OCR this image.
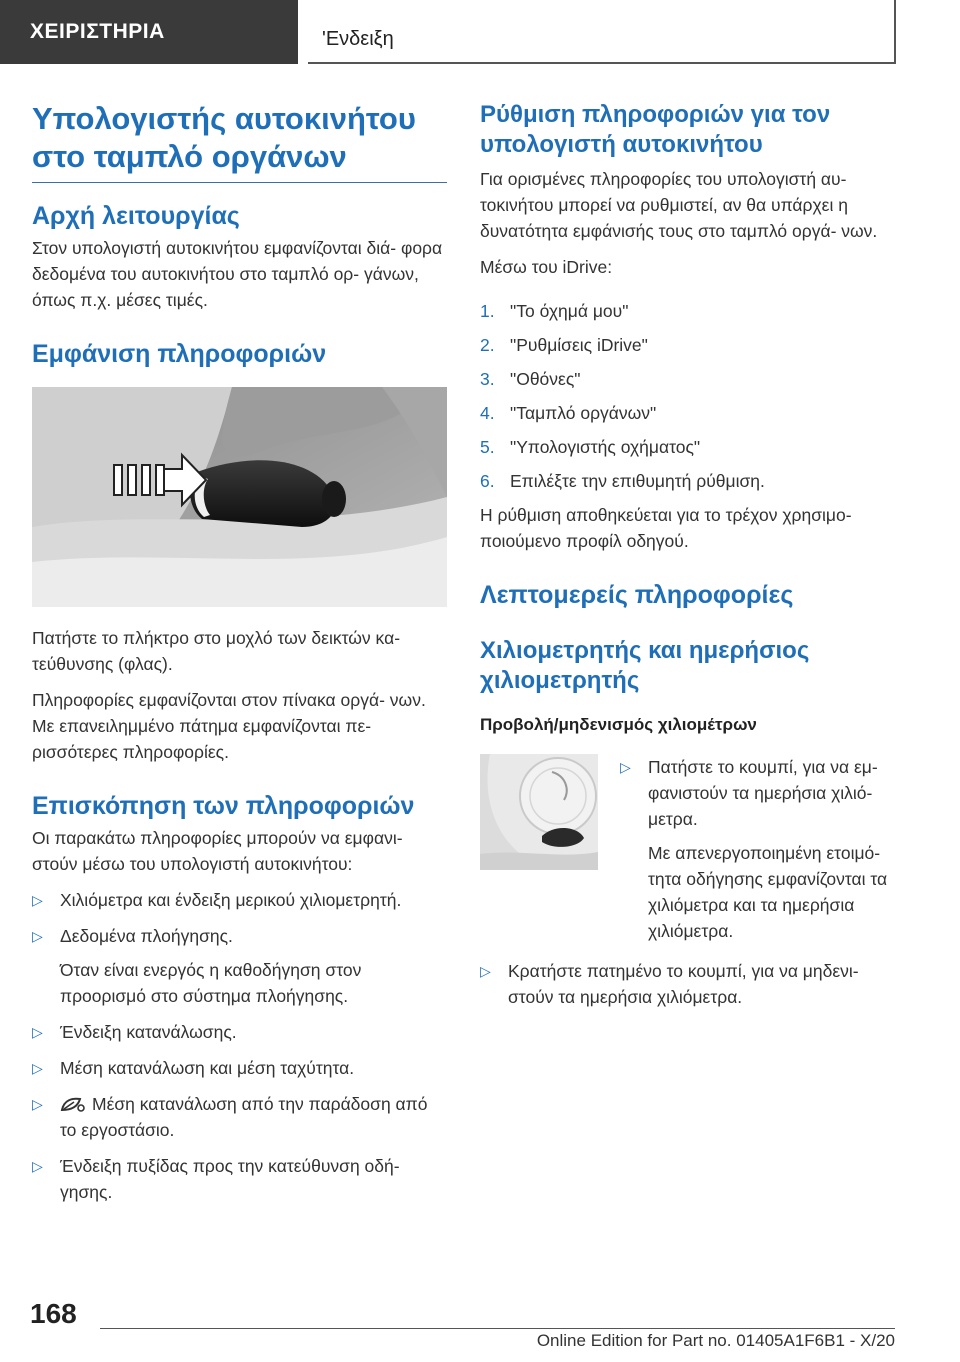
ΧΕΙΡΙΣΤΗΡΙΑ	'Ενδειξη
Υπολογιστής αυτοκινήτου στο ταμπλό οργάνων
Αρχή λειτουργίας

Στον υπολογιστή αυτοκινήτου εμφανίζονται διά- φορα δεδομένα του αυτοκινήτου στο ταμπλό ορ- γάνων, όπως π.χ. μέσες τιμές.

Εμφάνιση πληροφοριών

Πατήστε το πλήκτρο στο μοχλό των δεικτών κα- τεύθυνσης (φλας).

Πληροφορίες εμφανίζονται στον πίνακα οργά- νων. Με επανειλημμένο πάτημα εμφανίζονται πε- ρισσότερες πληροφορίες.

Επισκόπηση των πληροφοριών

Οι παρακάτω πληροφορίες μπορούν να εμφανι- στούν μέσω του υπολογιστή αυτοκινήτου:

▷ Χιλιόμετρα και ένδειξη μερικού χιλιομετρητή.
▷ Δεδομένα πλοήγησης.
Όταν είναι ενεργός η καθοδήγηση στον προορισμό στο σύστημα πλοήγησης.
▷ Ένδειξη κατανάλωσης.
▷ Μέση κατανάλωση και μέση ταχύτητα.
▷	Μέση κατανάλωση από την παράδοση από το εργοστάσιο.
▷ Ένδειξη πυξίδας προς την κατεύθυνση οδή- γησης.
Ρύθμιση πληροφοριών για τον υπολογιστή αυτοκινήτου

Για ορισμένες πληροφορίες του υπολογιστή αυ- τοκινήτου μπορεί να ρυθμιστεί, αν θα υπάρχει η δυνατότητα εμφάνισής τους στο ταμπλό οργά- νων.

Μέσω του iDrive:

1. "Το όχημά μου"
2. "Ρυθμίσεις iDrive"
3. "Οθόνες"
4. "Ταμπλό οργάνων"
5. "Υπολογιστής οχήματος"
6. Επιλέξτε την επιθυμητή ρύθμιση.

Η ρύθμιση αποθηκεύεται για το τρέχον χρησιμο- ποιούμενο προφίλ οδηγού.

Λεπτομερείς πληροφορίες
Χιλιομετρητής και ημερήσιος χιλιομετρητής
Προβολή/μηδενισμός χιλιομέτρων
▷ Πατήστε το κουμπί, για να εμ- φανιστούν τα ημερήσια χιλιό- μετρα.
Με απενεργοποιημένη ετοιμό- τητα οδήγησης εμφανίζονται τα χιλιόμετρα και τα ημερήσια χιλιόμετρα.
▷ Κρατήστε πατημένο το κουμπί, για να μηδενι- στούν τα ημερήσια χιλιόμετρα.
168
Online Edition for Part no. 01405A1F6B1 - X/20
